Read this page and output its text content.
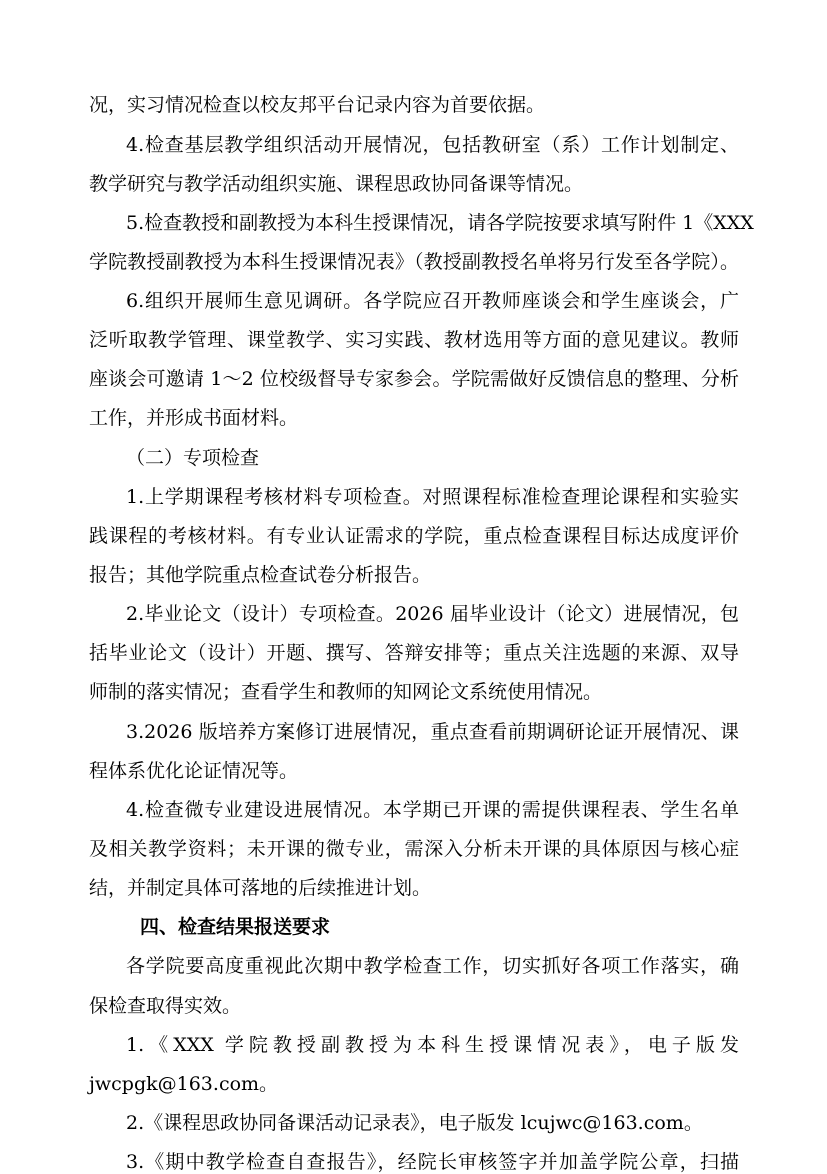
况，实习情况检查以校友邦平台记录内容为首要依据。
4.检查基层教学组织活动开展情况，包括教研室（系）工作计划制定、
教学研究与教学活动组织实施、课程思政协同备课等情况。
5.检查教授和副教授为本科生授课情况，请各学院按要求填写附件 1《XXX
学院教授副教授为本科生授课情况表》（教授副教授名单将另行发至各学院）。
6.组织开展师生意见调研。各学院应召开教师座谈会和学生座谈会，广
泛听取教学管理、课堂教学、实习实践、教材选用等方面的意见建议。教师
座谈会可邀请 1～2 位校级督导专家参会。学院需做好反馈信息的整理、分析
工作，并形成书面材料。
（二）专项检查
1.上学期课程考核材料专项检查。对照课程标准检查理论课程和实验实
践课程的考核材料。有专业认证需求的学院，重点检查课程目标达成度评价
报告；其他学院重点检查试卷分析报告。
2.毕业论文（设计）专项检查。2026 届毕业设计（论文）进展情况，包
括毕业论文（设计）开题、撰写、答辩安排等；重点关注选题的来源、双导
师制的落实情况；查看学生和教师的知网论文系统使用情况。
3.2026 版培养方案修订进展情况，重点查看前期调研论证开展情况、课
程体系优化论证情况等。
4.检查微专业建设进展情况。本学期已开课的需提供课程表、学生名单
及相关教学资料；未开课的微专业，需深入分析未开课的具体原因与核心症
结，并制定具体可落地的后续推进计划。
四、检查结果报送要求
各学院要高度重视此次期中教学检查工作，切实抓好各项工作落实，确
保检查取得实效。
1.《XXX 学院教授副教授为本科生授课情况表》，电子版发
jwcpgk@163.com。
2.《课程思政协同备课活动记录表》，电子版发 lcujwc@163.com。
3.《期中教学检查自查报告》，经院长审核签字并加盖学院公章，扫描
